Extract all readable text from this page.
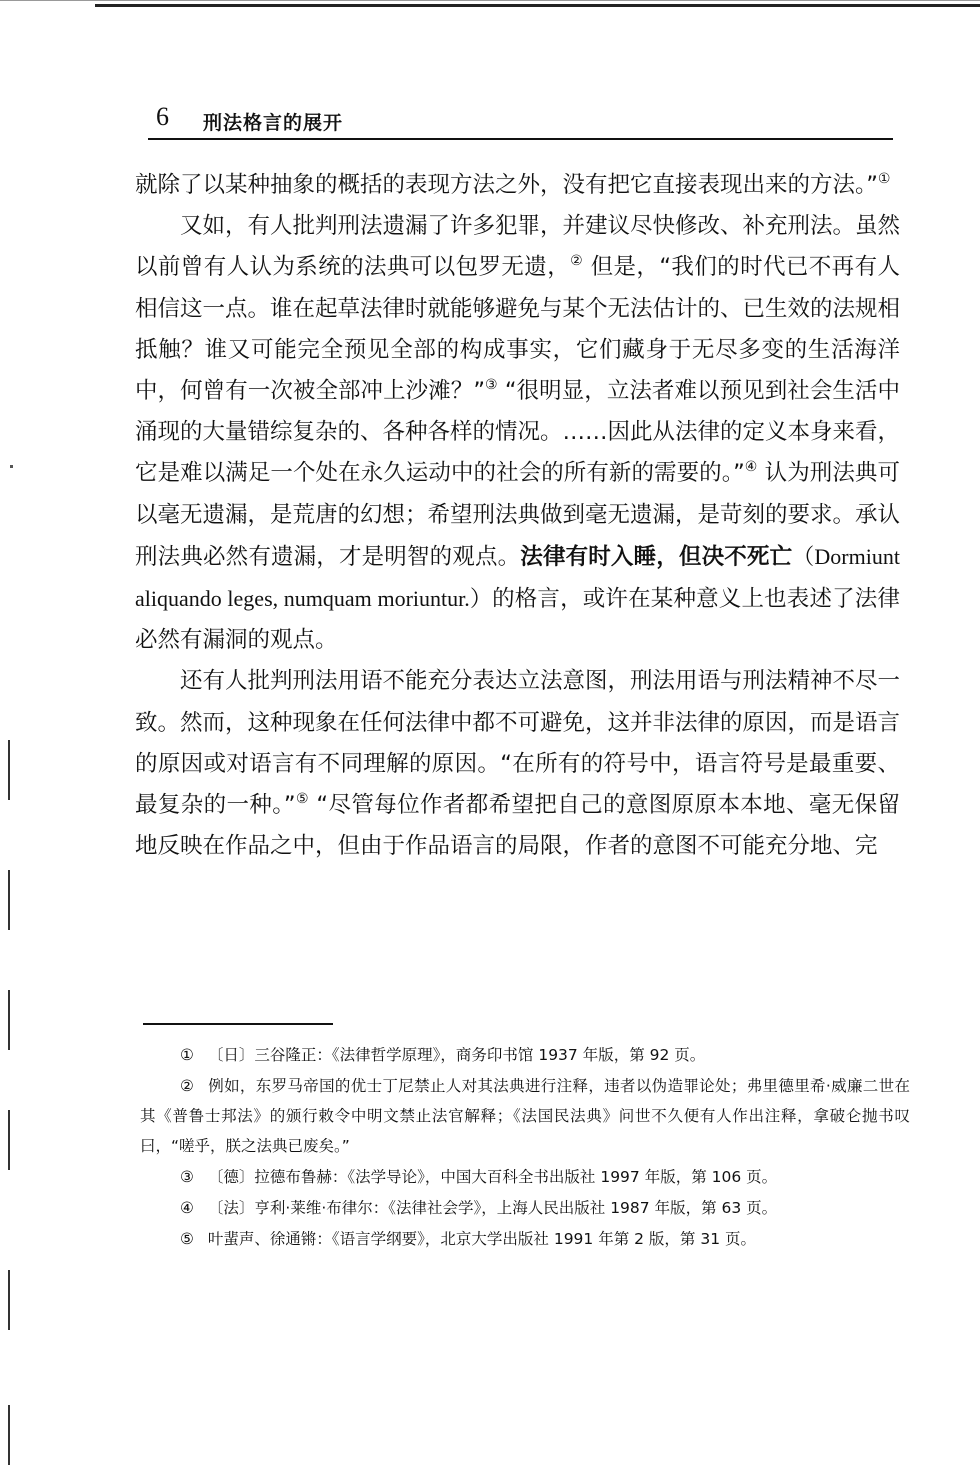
6 刑法格言的展开

就除了以某种抽象的概括的表现方法之外，没有把它直接表现出来的方法。”①

又如，有人批判刑法遗漏了许多犯罪，并建议尽快修改、补充刑法。虽然以前曾有人认为系统的法典可以包罗无遗，② 但是，“我们的时代已不再有人相信这一点。谁在起草法律时就能够避免与某个无法估计的、已生效的法规相抵触？谁又可能完全预见全部的构成事实，它们藏身于无尽多变的生活海洋中，何曾有一次被全部冲上沙滩？”③ “很明显，立法者难以预见到社会生活中涌现的大量错综复杂的、各种各样的情况。……因此从法律的定义本身来看，它是难以满足一个处在永久运动中的社会的所有新的需要的。”④ 认为刑法典可以毫无遗漏，是荒唐的幻想；希望刑法典做到毫无遗漏，是苛刻的要求。承认刑法典必然有遗漏，才是明智的观点。法律有时入睡，但决不死亡（Dormiunt aliquando leges, numquam moriuntur.）的格言，或许在某种意义上也表述了法律必然有漏洞的观点。

还有人批判刑法用语不能充分表达立法意图，刑法用语与刑法精神不尽一致。然而，这种现象在任何法律中都不可避免，这并非法律的原因，而是语言的原因或对语言有不同理解的原因。“在所有的符号中，语言符号是最重要、最复杂的一种。”⑤ “尽管每位作者都希望把自己的意图原原本本地、毫无保留地反映在作品之中，但由于作品语言的局限，作者的意图不可能充分地、完

① 〔日〕三谷隆正：《法律哲学原理》，商务印书馆 1937 年版，第 92 页。

② 例如，东罗马帝国的优士丁尼禁止人对其法典进行注释，违者以伪造罪论处；弗里德里希·威廉二世在其《普鲁士邦法》的颁行敕令中明文禁止法官解释；《法国民法典》问世不久便有人作出注释，拿破仑抛书叹曰，“嗟乎，朕之法典已废矣。”

③ 〔德〕拉德布鲁赫：《法学导论》，中国大百科全书出版社 1997 年版，第 106 页。

④ 〔法〕亨利·莱维·布律尔：《法律社会学》，上海人民出版社 1987 年版，第 63 页。

⑤ 叶蜚声、徐通锵：《语言学纲要》，北京大学出版社 1991 年第 2 版，第 31 页。
